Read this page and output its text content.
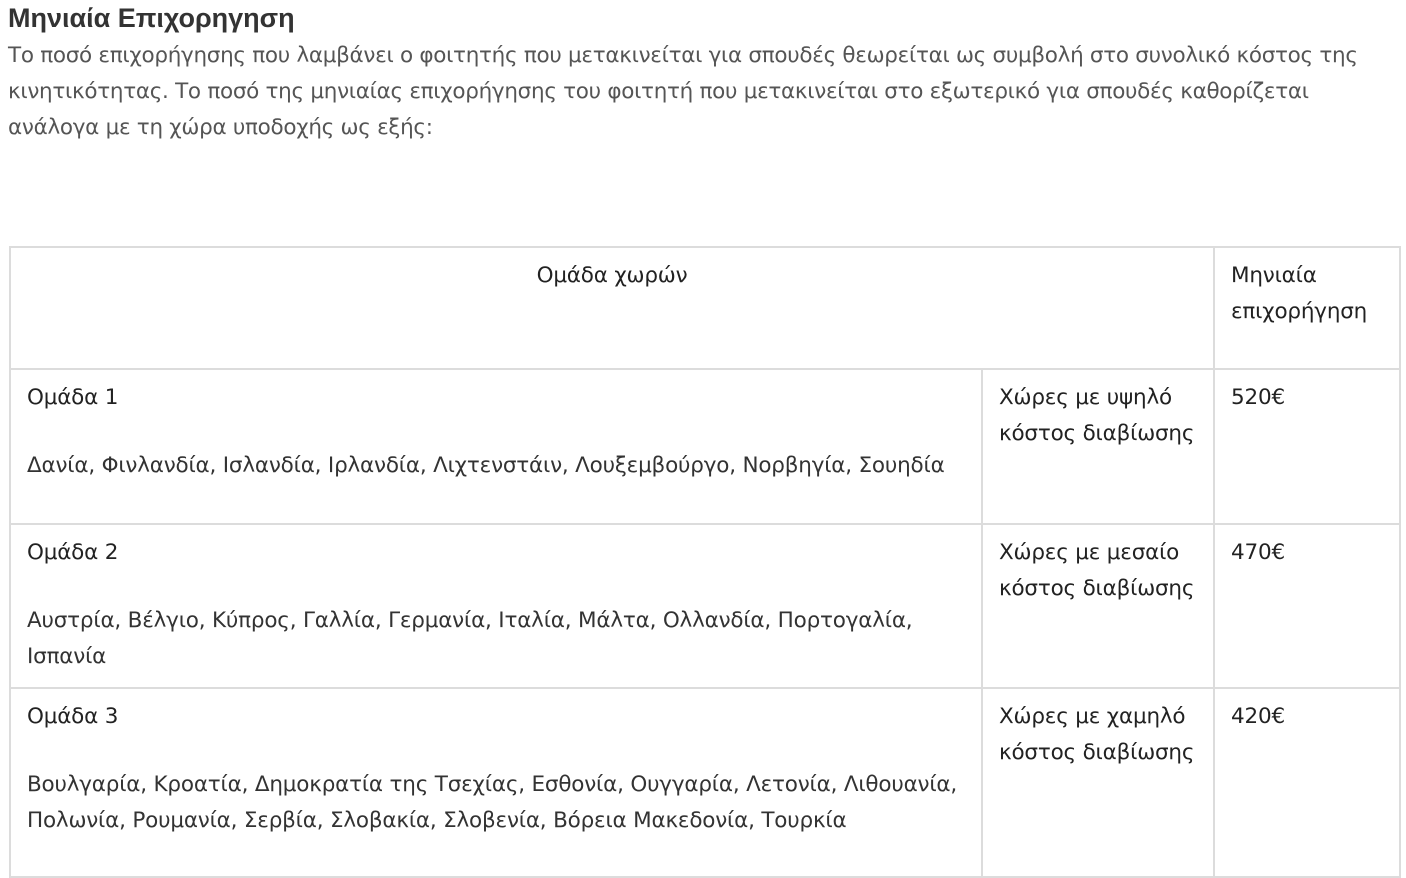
Μηνιαία Επιχορηγηση

Το ποσό επιχορήγησης που λαμβάνει ο φοιτητής που μετακινείται για σπουδές θεωρείται ως συμβολή στο συνολικό κόστος της κινητικότητας. Το ποσό της μηνιαίας επιχορήγησης του φοιτητή που μετακινείται στο εξωτερικό για σπουδές καθορίζεται ανάλογα με τη χώρα υποδοχής ως εξής:

Ομάδα χωρών		Μηνιαία επιχορήγηση

Ομάδα 1
Δανία, Φινλανδία, Ισλανδία, Ιρλανδία, Λιχτενστάιν, Λουξεμβούργο, Νορβηγία, Σουηδία	Χώρες με υψηλό κόστος διαβίωσης	520€

Ομάδα 2
Αυστρία, Βέλγιο, Κύπρος, Γαλλία, Γερμανία, Ιταλία, Μάλτα, Ολλανδία, Πορτογαλία, Ισπανία	Χώρες με μεσαίο κόστος διαβίωσης	470€

Ομάδα 3
Βουλγαρία, Κροατία, Δημοκρατία της Τσεχίας, Εσθονία, Ουγγαρία, Λετονία, Λιθουανία, Πολωνία, Ρουμανία, Σερβία, Σλοβακία, Σλοβενία, Βόρεια Μακεδονία, Τουρκία	Χώρες με χαμηλό κόστος διαβίωσης	420€
